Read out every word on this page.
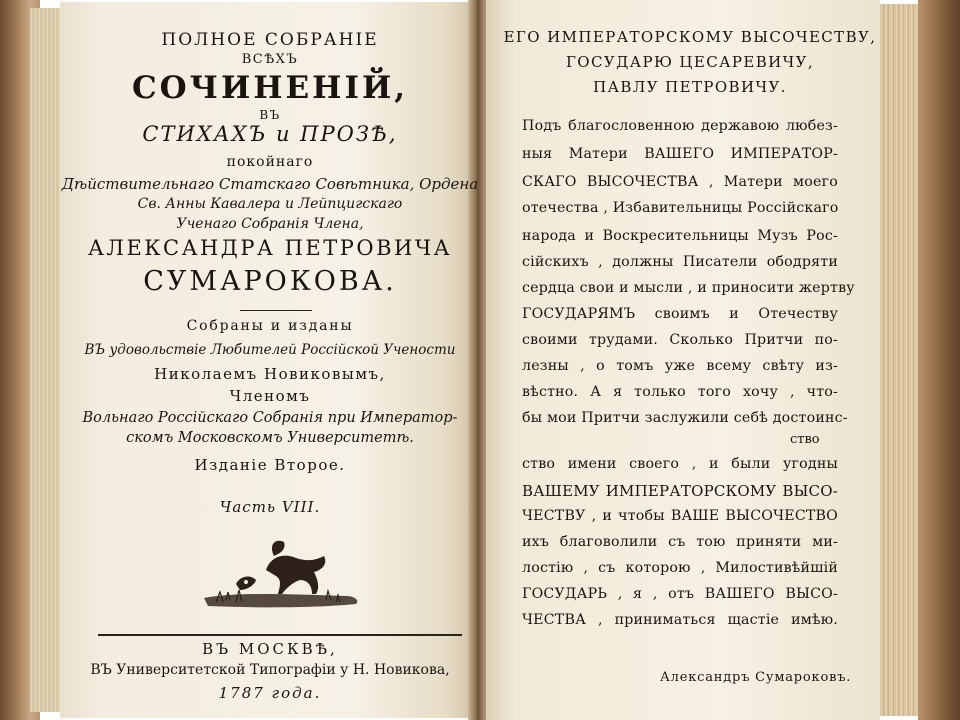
ПОЛНОЕ СОБРАНІЕ
ВСѢХЪ
СОЧИНЕНІЙ,
ВЪ
СТИХАХЪ и ПРОЗѢ,
покойнаго
Дѣйствительнаго Статскаго Совѣтника, Ордена
Св. Анны Кавалера и Лейпцигскаго
Ученаго Собранія Члена,
АЛЕКСАНДРА ПЕТРОВИЧА
СУМАРОКОВА.
Собраны и изданы
ВЪ удовольствіе Любителей Россійской Учености
Николаемъ Новиковымъ,
Членомъ
Вольнаго Россійскаго Собранія при Император-
скомъ Московскомъ Университетѣ.
Изданіе Второе.
Часть VIII.
ВЪ МОСКВѢ,
ВЪ Университетской Типографіи у Н. Новикова,
1787 года.
ЕГО ИМПЕРАТОРСКОМУ ВЫСОЧЕСТВУ,
ГОСУДАРЮ ЦЕСАРЕВИЧУ,
ПАВЛУ ПЕТРОВИЧУ.
Подъ благословенною державою любез-
ныя Матери ВАШЕГО ИМПЕРАТОР-
СКАГО ВЫСОЧЕСТВА , Матери моего
отечества , Избавительницы Россійскаго
народа и Воскресительницы Музъ Рос-
сійскихъ , должны Писатели ободряти
сердца свои и мысли , и приносити жертву
ГОСУДАРЯМЪ своимъ и Отечеству
своими трудами. Сколько Притчи по-
лезны , о томъ уже всему свѣту из-
вѣстно. А я только того хочу , что-
бы мои Притчи заслужили себѣ достоинс-
ство
ство имени своего , и были угодны
ВАШЕМУ ИМПЕРАТОРСКОМУ ВЫСО-
ЧЕСТВУ , и чтобы ВАШЕ ВЫСОЧЕСТВО
ихъ благоволили съ тою приняти ми-
лостію , съ которою , Милостивѣйшій
ГОСУДАРЬ , я , отъ ВАШЕГО ВЫСО-
ЧЕСТВА , приниматься щастіе имѣю.
Александръ Сумароковъ.
